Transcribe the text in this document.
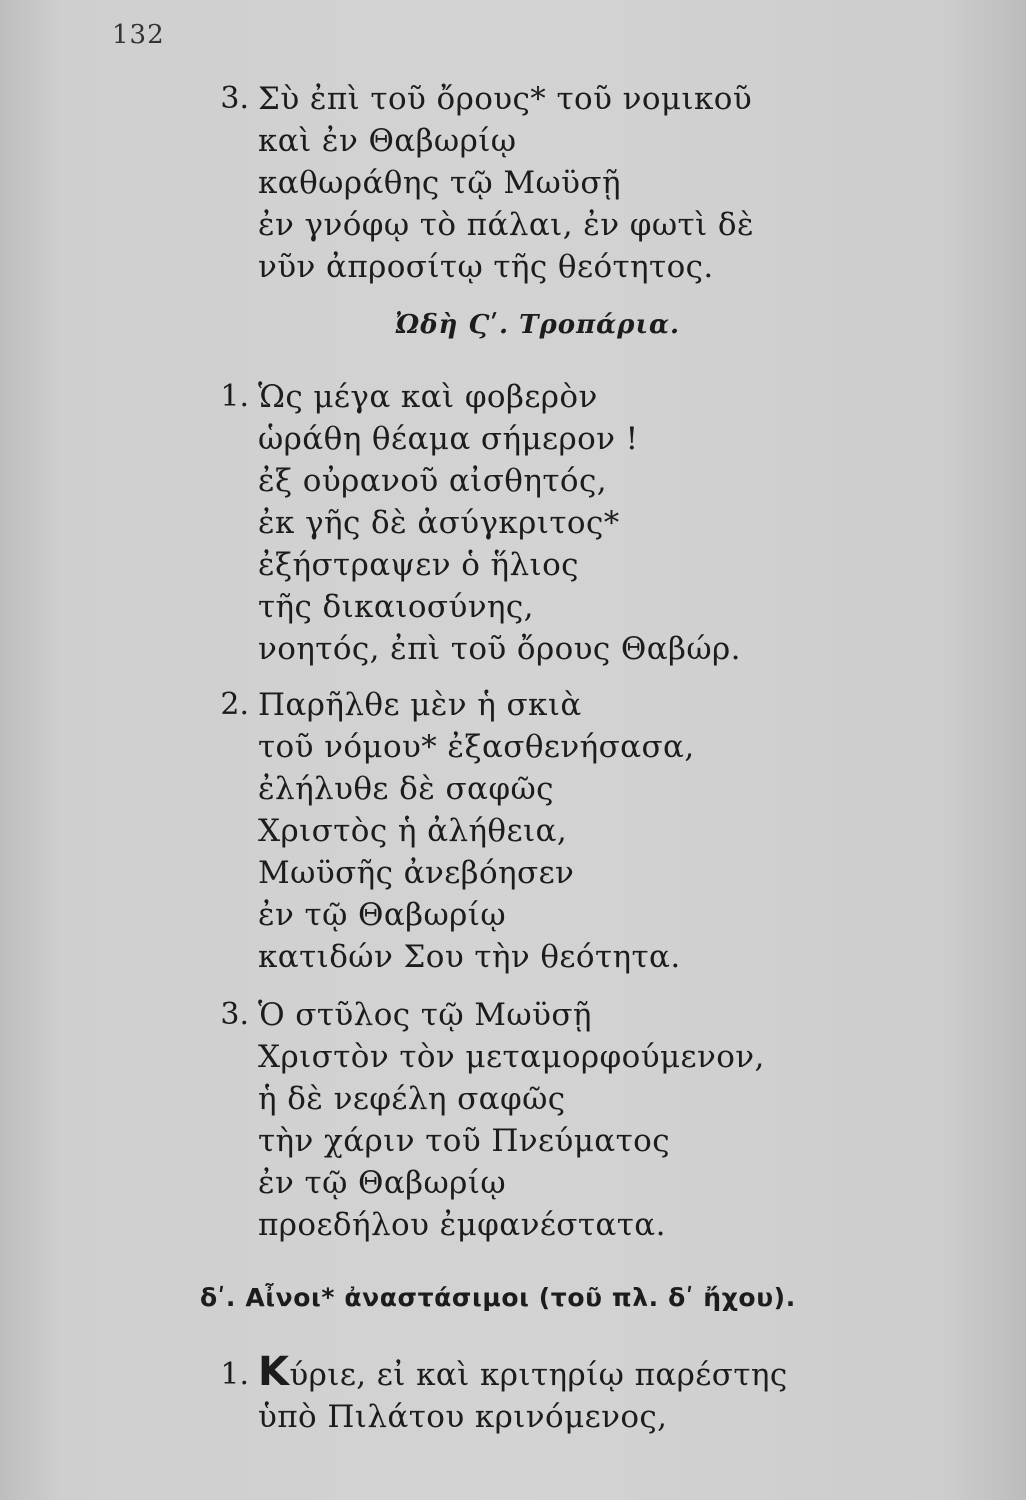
132
3. Σὺ ἐπὶ τοῦ ὄρους* τοῦ νομικοῦ
καὶ ἐν Θαβωρίῳ
καθωράθης τῷ Μωϋσῇ
ἐν γνόφῳ τὸ πάλαι, ἐν φωτὶ δὲ
νῦν ἀπροσίτῳ τῆς θεότητος.
Ὠδὴ Ϛʹ. Τροπάρια.
1. Ὡς μέγα καὶ φοβερὸν
ὡράθη θέαμα σήμερον !
ἐξ οὐρανοῦ αἰσθητός,
ἐκ γῆς δὲ ἀσύγκριτος*
ἐξήστραψεν ὁ ἥλιος
τῆς δικαιοσύνης,
νοητός, ἐπὶ τοῦ ὄρους Θαβώρ.
2. Παρῆλθε μὲν ἡ σκιὰ
τοῦ νόμου* ἐξασθενήσασα,
ἐλήλυθε δὲ σαφῶς
Χριστὸς ἡ ἀλήθεια,
Μωϋσῆς ἀνεβόησεν
ἐν τῷ Θαβωρίῳ
κατιδών Σου τὴν θεότητα.
3. Ὁ στῦλος τῷ Μωϋσῇ
Χριστὸν τὸν μεταμορφούμενον,
ἡ δὲ νεφέλη σαφῶς
τὴν χάριν τοῦ Πνεύματος
ἐν τῷ Θαβωρίῳ
προεδήλου ἐμφανέστατα.
δʹ. Αἶνοι* ἀναστάσιμοι (τοῦ πλ. δʹ ἤχου).
1. Κύριε, εἰ καὶ κριτηρίῳ παρέστης
ὑπὸ Πιλάτου κρινόμενος,
